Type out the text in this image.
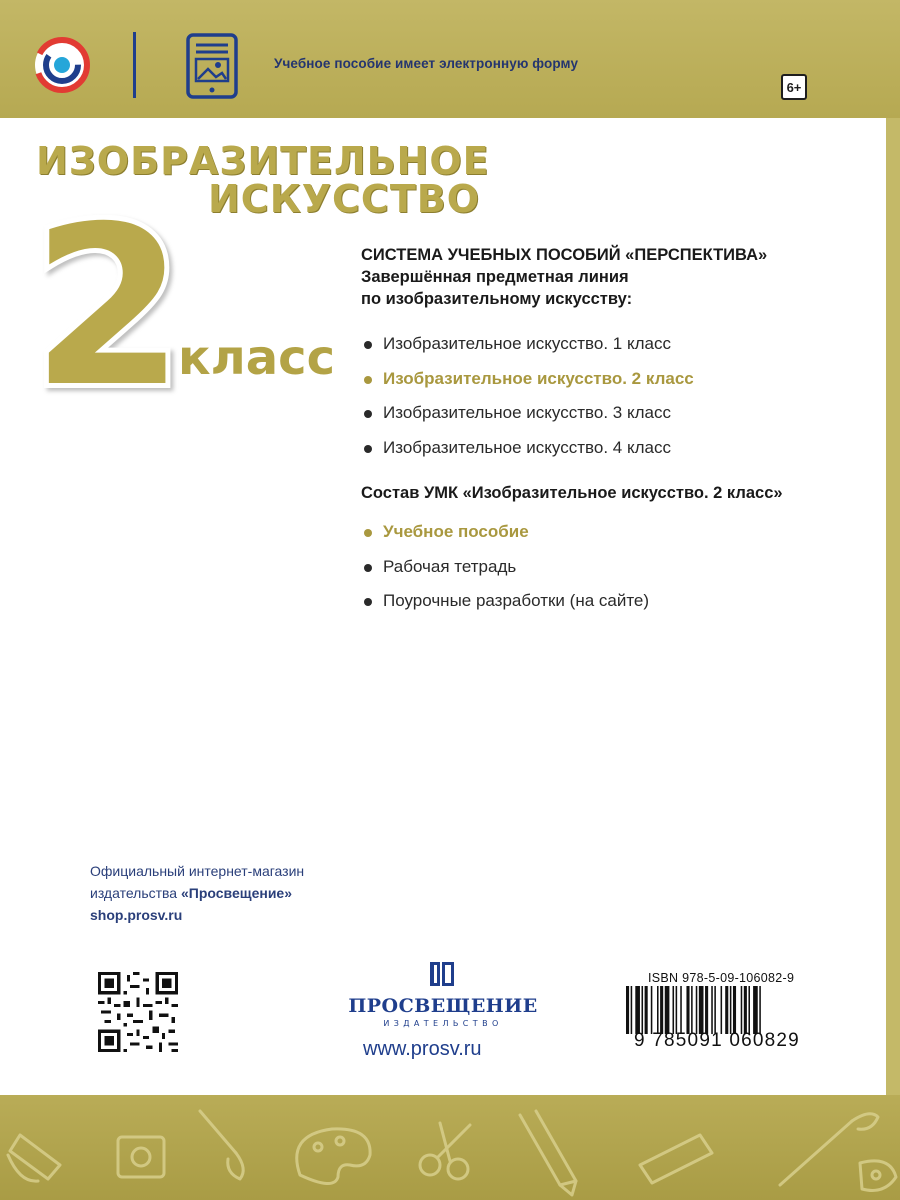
Учебное пособие имеет электронную форму
6+
ИЗОБРАЗИТЕЛЬНОЕ
ИСКУССТВО
2
класс
СИСТЕМА УЧЕБНЫХ ПОСОБИЙ «ПЕРСПЕКТИВА»
Завершённая предметная линия
по изобразительному искусству:
Изобразительное искусство. 1 класс
Изобразительное искусство. 2 класс
Изобразительное искусство. 3 класс
Изобразительное искусство. 4 класс
Состав УМК «Изобразительное искусство. 2 класс»
Учебное пособие
Рабочая тетрадь
Поурочные разработки (на сайте)
Официальный интернет-магазин
издательства «Просвещение»
shop.prosv.ru
ПРОСВЕЩЕНИЕ
ИЗДАТЕЛЬСТВО
www.prosv.ru
ISBN 978-5-09-106082-9
9 785091 060829
